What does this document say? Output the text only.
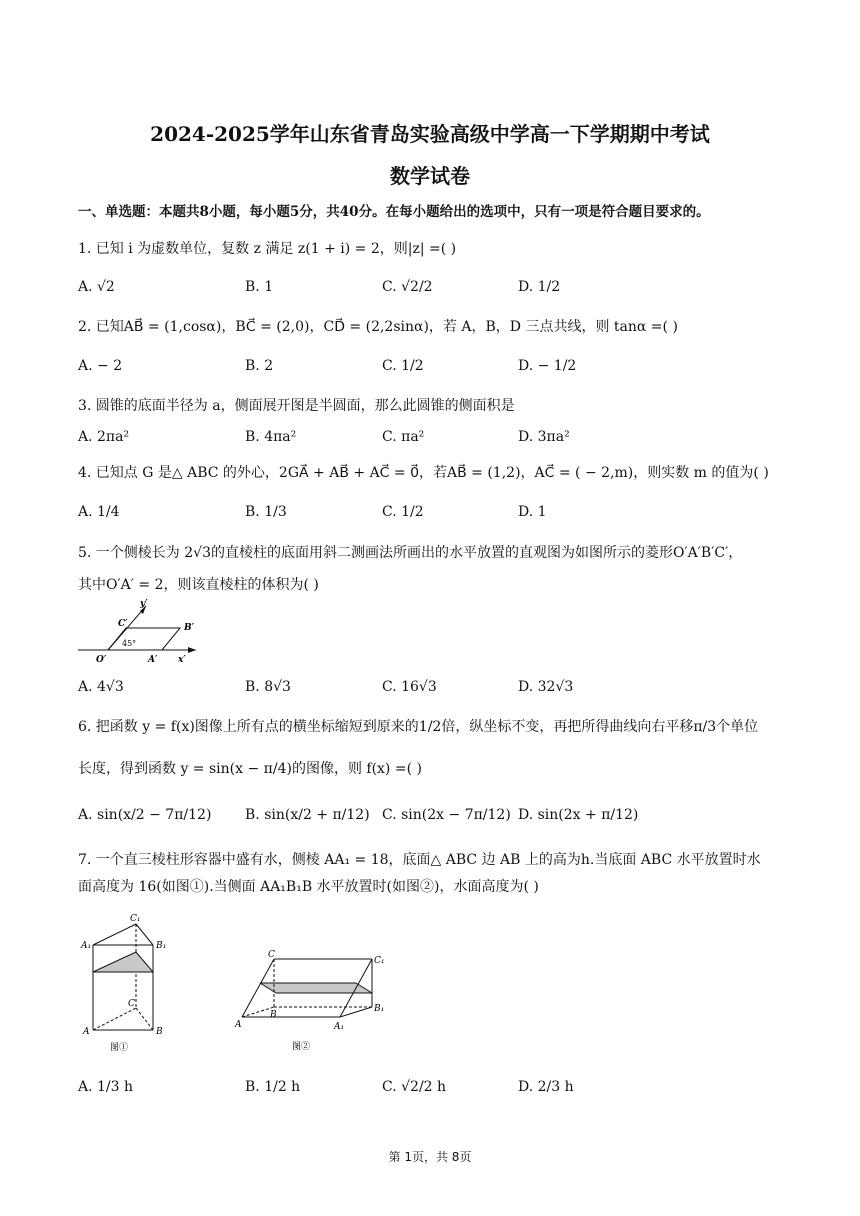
2024-2025学年山东省青岛实验高级中学高一下学期期中考试
数学试卷
一、单选题：本题共8小题，每小题5分，共40分。在每小题给出的选项中，只有一项是符合题目要求的。
1. 已知 i 为虚数单位，复数 z 满足 z(1 + i) = 2，则|z| =( )
A. √2	B. 1	C. √2/2	D. 1/2
2. 已知AB⃗ = (1,cosα)，BC⃗ = (2,0)，CD⃗ = (2,2sinα)，若 A，B，D 三点共线，则 tanα =( )
A. − 2	B. 2	C. 1/2	D. − 1/2
3. 圆锥的底面半径为 a，侧面展开图是半圆面，那么此圆锥的侧面积是
A. 2πa²	B. 4πa²	C. πa²	D. 3πa²
4. 已知点 G 是△ ABC 的外心，2GA⃗ + AB⃗ + AC⃗ = 0⃗，若AB⃗ = (1,2)，AC⃗ = ( − 2,m)，则实数 m 的值为( )
A. 1/4	B. 1/3	C. 1/2	D. 1
5. 一个侧棱长为 2√3的直棱柱的底面用斜二测画法所画出的水平放置的直观图为如图所示的菱形O′A′B′C′，
其中O′A′ = 2，则该直棱柱的体积为( )
y′
C′	B′
45°
O′	A′ x′
A. 4√3	B. 8√3	C. 16√3	D. 32√3
6. 把函数 y = f(x)图像上所有点的横坐标缩短到原来的1/2倍，纵坐标不变，再把所得曲线向右平移π/3个单位
长度，得到函数 y = sin(x − π/4)的图像，则 f(x) =( )
A. sin(x/2 − 7π/12) B. sin(x/2 + π/12) C. sin(2x − 7π/12) D. sin(2x + π/12)
7. 一个直三棱柱形容器中盛有水，侧棱 AA₁ = 18，底面△ ABC 边 AB 上的高为h.当底面 ABC 水平放置时水
面高度为 16(如图①).当侧面 AA₁B₁B 水平放置时(如图②)，水面高度为( )
C₁
A₁	B₁
C
A	B
图①
C
C₁
A
B
A₁
B₁
图②
A. 1/3 h	B. 1/2 h	C. √2/2 h	D. 2/3 h
第 1页，共 8页
